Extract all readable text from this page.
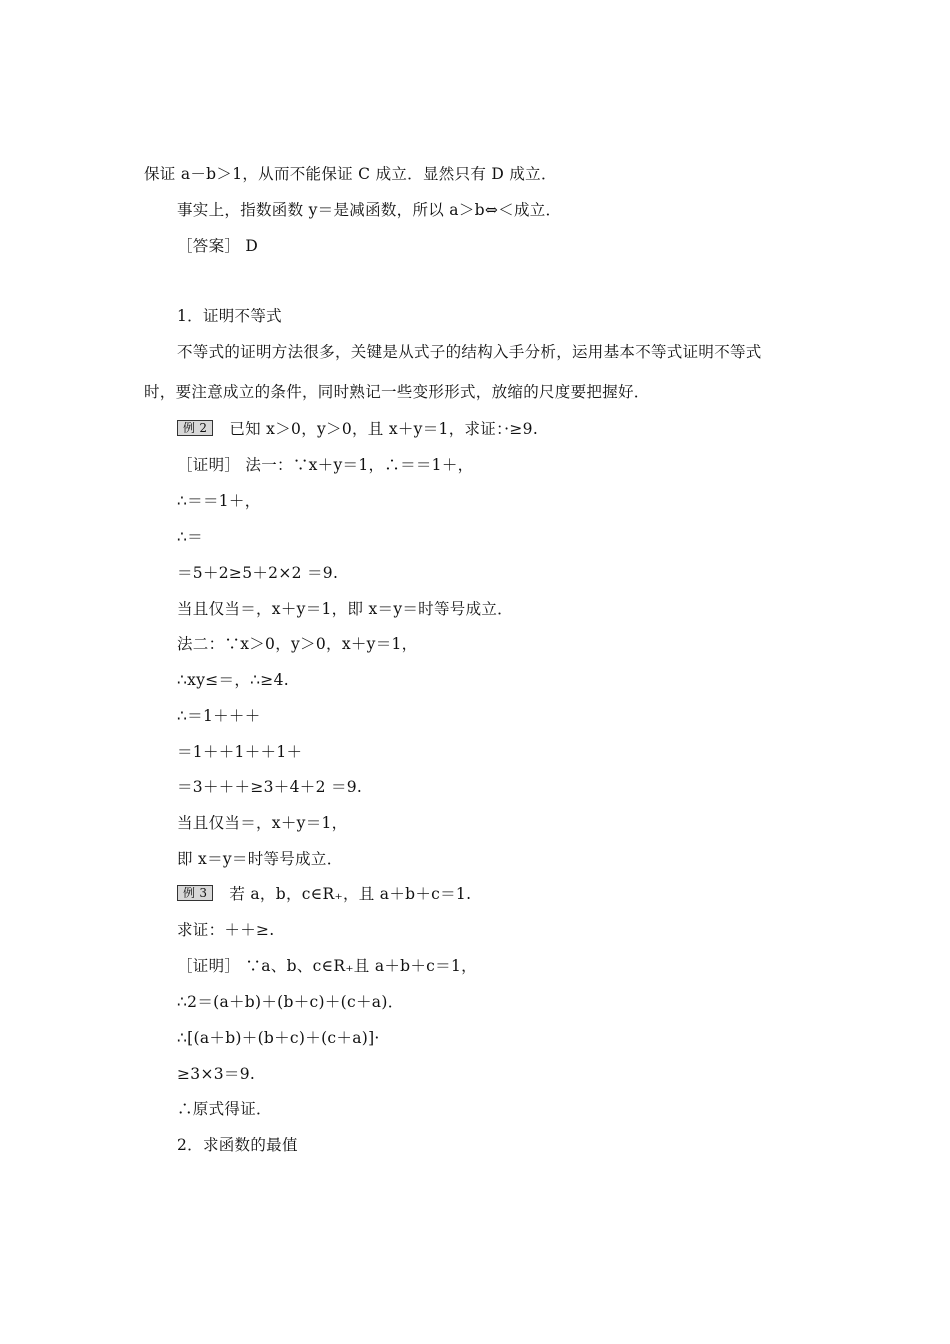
保证 a－b＞1，从而不能保证 C 成立．显然只有 D 成立．
事实上，指数函数 y＝是减函数，所以 a＞b⇔＜成立．
［答案］ D
1．证明不等式
不等式的证明方法很多，关键是从式子的结构入手分析，运用基本不等式证明不等式
时，要注意成立的条件，同时熟记一些变形形式，放缩的尺度要把握好．
例 2 已知 x＞0，y＞0，且 x＋y＝1，求证：·≥9.
［证明］ 法一：∵x＋y＝1，∴＝＝1＋，
∴＝＝1＋，
∴＝
＝5＋2≥5＋2×2 ＝9.
当且仅当＝，x＋y＝1，即 x＝y＝时等号成立．
法二：∵x＞0，y＞0，x＋y＝1，
∴xy≤＝，∴≥4.
∴＝1＋＋＋
＝1＋＋1＋＋1＋
＝3＋＋＋≥3＋4＋2 ＝9.
当且仅当＝，x＋y＝1，
即 x＝y＝时等号成立．
例 3 若 a，b，c∈R₊，且 a＋b＋c＝1.
求证：＋＋≥.
［证明］ ∵a、b、c∈R₊且 a＋b＋c＝1，
∴2＝(a＋b)＋(b＋c)＋(c＋a)．
∴[(a＋b)＋(b＋c)＋(c＋a)]·
≥3×3＝9.
∴原式得证．
2．求函数的最值
